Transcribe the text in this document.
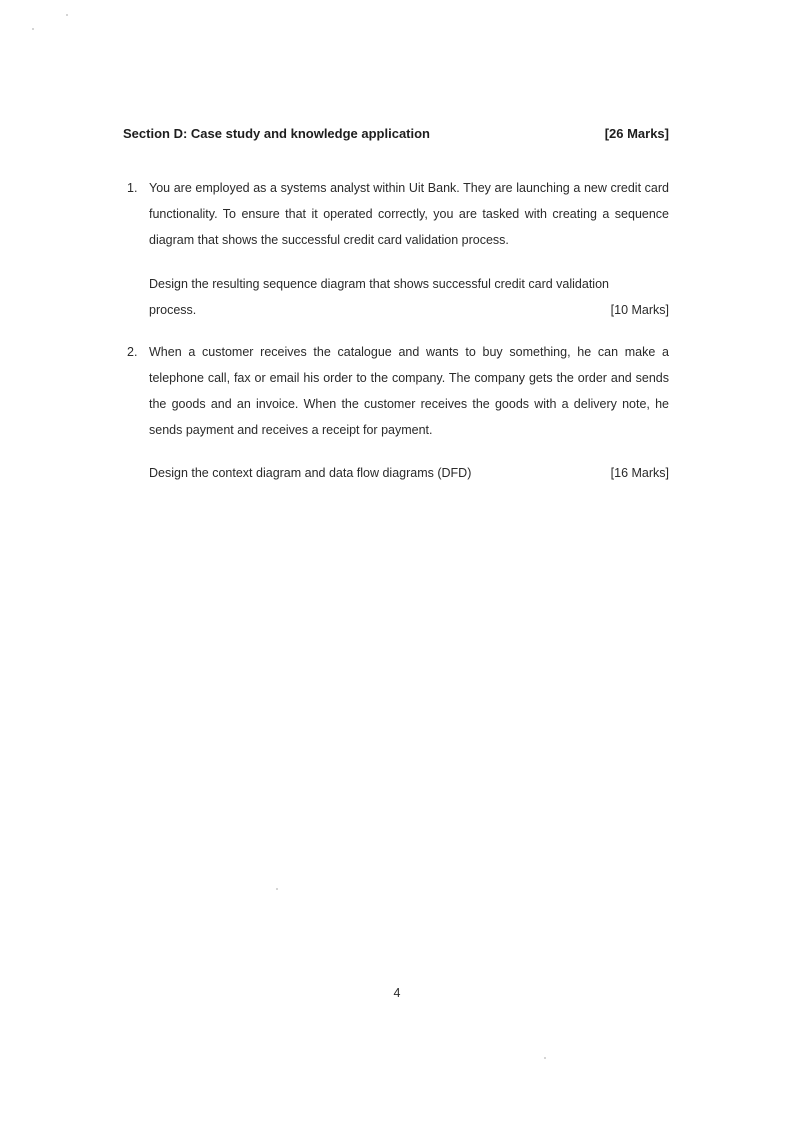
Section D: Case study and knowledge application	[26 Marks]
1. You are employed as a systems analyst within Uit Bank. They are launching a new credit card functionality. To ensure that it operated correctly, you are tasked with creating a sequence diagram that shows the successful credit card validation process.
Design the resulting sequence diagram that shows successful credit card validation
process.	[10 Marks]
2. When a customer receives the catalogue and wants to buy something, he can make a telephone call, fax or email his order to the company. The company gets the order and sends the goods and an invoice. When the customer receives the goods with a delivery note, he sends payment and receives a receipt for payment.
Design the context diagram and data flow diagrams (DFD)	[16 Marks]
4
